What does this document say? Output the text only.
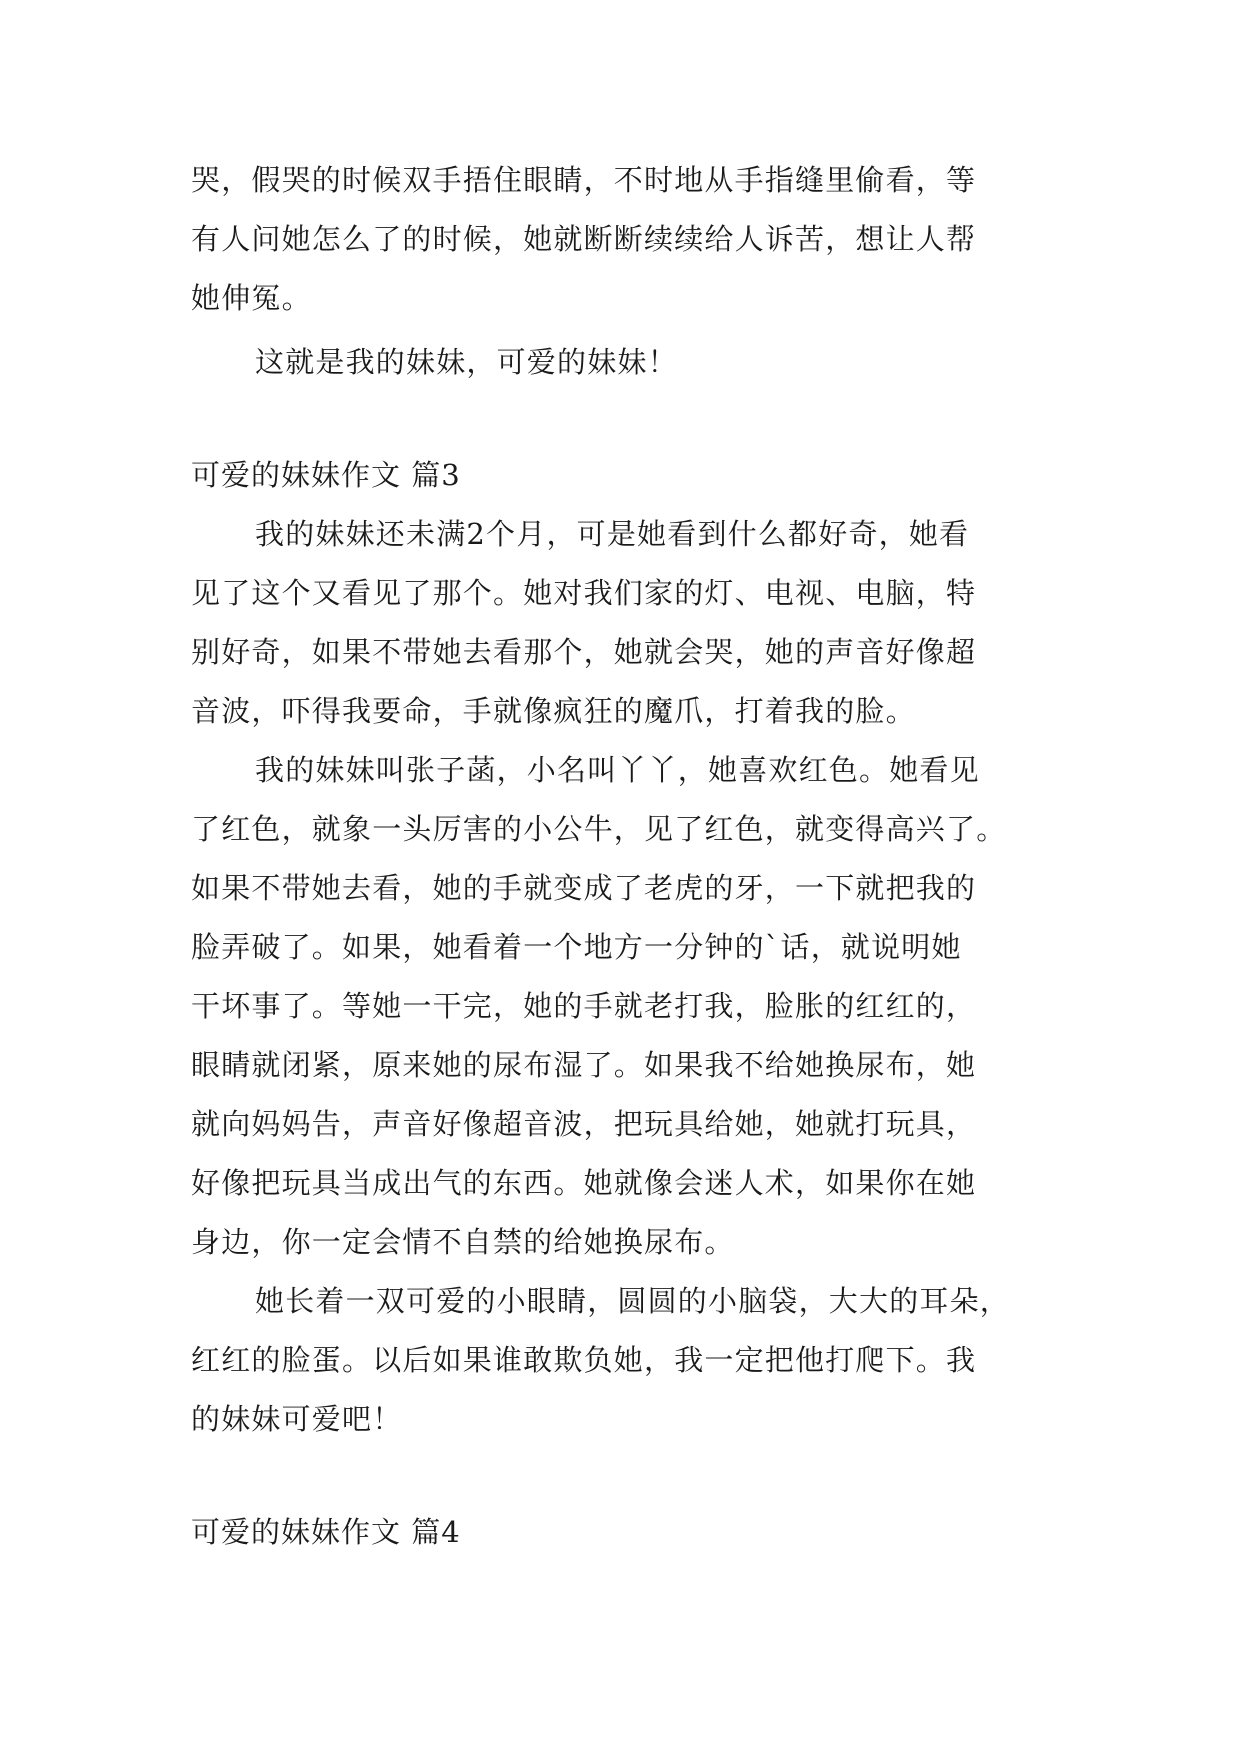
哭，假哭的时候双手捂住眼睛，不时地从手指缝里偷看，等
有人问她怎么了的时候，她就断断续续给人诉苦，想让人帮
她伸冤。
这就是我的妹妹，可爱的妹妹！
可爱的妹妹作文 篇3
我的妹妹还未满2个月，可是她看到什么都好奇，她看
见了这个又看见了那个。她对我们家的灯、电视、电脑，特
别好奇，如果不带她去看那个，她就会哭，她的声音好像超
音波，吓得我要命，手就像疯狂的魔爪，打着我的脸。
我的妹妹叫张子菡，小名叫丫丫，她喜欢红色。她看见
了红色，就象一头厉害的小公牛，见了红色，就变得高兴了。
如果不带她去看，她的手就变成了老虎的牙，一下就把我的
脸弄破了。如果，她看着一个地方一分钟的`话，就说明她
干坏事了。等她一干完，她的手就老打我，脸胀的红红的，
眼睛就闭紧，原来她的尿布湿了。如果我不给她换尿布，她
就向妈妈告，声音好像超音波，把玩具给她，她就打玩具，
好像把玩具当成出气的东西。她就像会迷人术，如果你在她
身边，你一定会情不自禁的给她换尿布。
她长着一双可爱的小眼睛，圆圆的小脑袋，大大的耳朵，
红红的脸蛋。以后如果谁敢欺负她，我一定把他打爬下。我
的妹妹可爱吧！
可爱的妹妹作文 篇4
